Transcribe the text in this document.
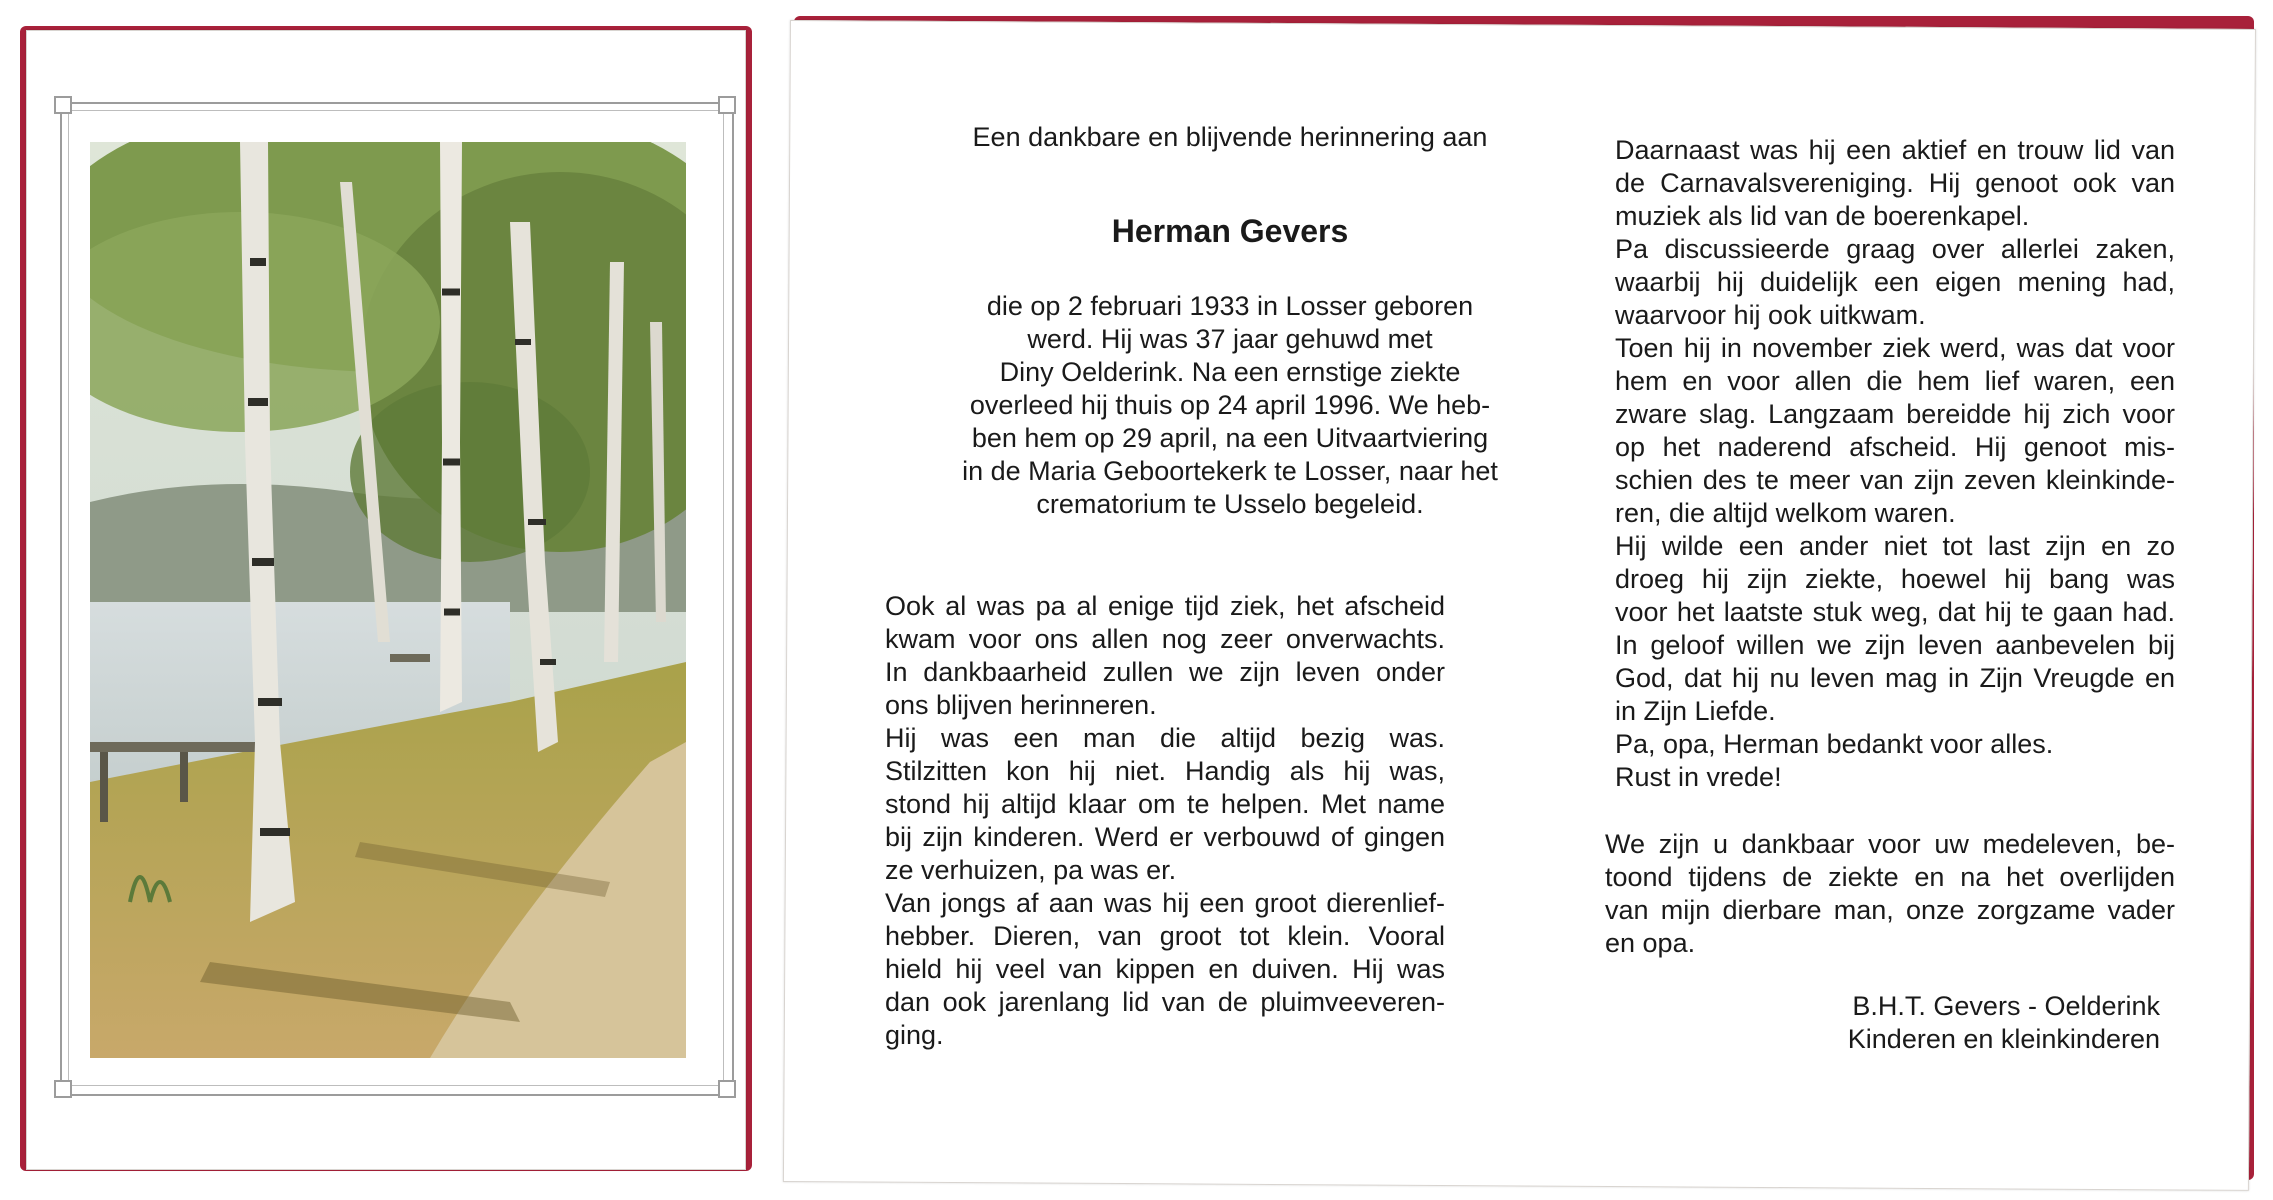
Een dankbare en blijvende herinnering aan
Herman Gevers
die op 2 februari 1933 in Losser geboren
werd. Hij was 37 jaar gehuwd met
Diny Oelderink. Na een ernstige ziekte
overleed hij thuis op 24 april 1996. We heb-
ben hem op 29 april, na een Uitvaartviering
in de Maria Geboortekerk te Losser, naar het
crematorium te Usselo begeleid.
Ook al was pa al enige tijd ziek, het afscheid
kwam voor ons allen nog zeer onverwachts.
In dankbaarheid zullen we zijn leven onder
ons blijven herinneren.
Hij was een man die altijd bezig was.
Stilzitten kon hij niet. Handig als hij was,
stond hij altijd klaar om te helpen. Met name
bij zijn kinderen. Werd er verbouwd of gingen
ze verhuizen, pa was er.
Van jongs af aan was hij een groot dierenlief-
hebber. Dieren, van groot tot klein. Vooral
hield hij veel van kippen en duiven. Hij was
dan ook jarenlang lid van de pluimveeveren-
ging.
Daarnaast was hij een aktief en trouw lid van
de Carnavalsvereniging. Hij genoot ook van
muziek als lid van de boerenkapel.
Pa discussieerde graag over allerlei zaken,
waarbij hij duidelijk een eigen mening had,
waarvoor hij ook uitkwam.
Toen hij in november ziek werd, was dat voor
hem en voor allen die hem lief waren, een
zware slag. Langzaam bereidde hij zich voor
op het naderend afscheid. Hij genoot mis-
schien des te meer van zijn zeven kleinkinde-
ren, die altijd welkom waren.
Hij wilde een ander niet tot last zijn en zo
droeg hij zijn ziekte, hoewel hij bang was
voor het laatste stuk weg, dat hij te gaan had.
In geloof willen we zijn leven aanbevelen bij
God, dat hij nu leven mag in Zijn Vreugde en
in Zijn Liefde.
Pa, opa, Herman bedankt voor alles.
Rust in vrede!
We zijn u dankbaar voor uw medeleven, be-
toond tijdens de ziekte en na het overlijden
van mijn dierbare man, onze zorgzame vader
en opa.
B.H.T. Gevers - Oelderink
Kinderen en kleinkinderen
